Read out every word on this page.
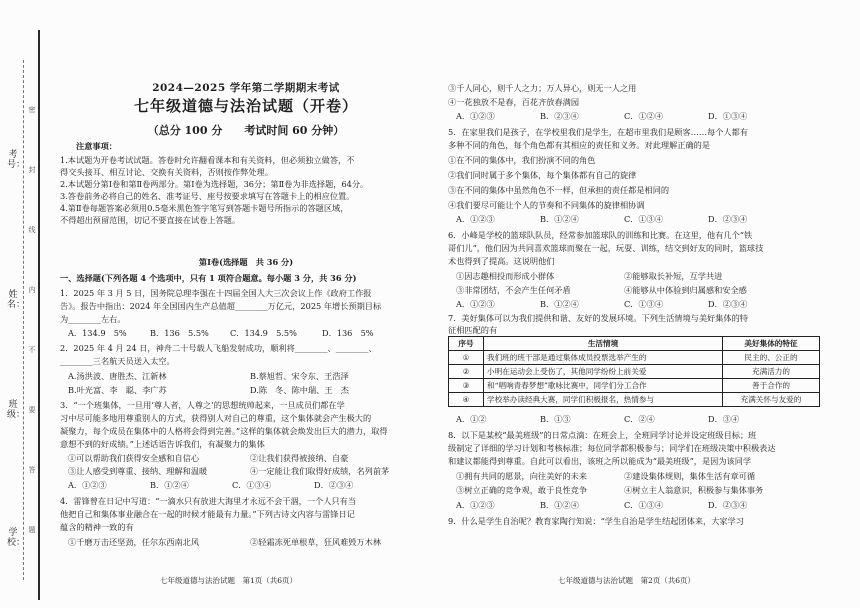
考号：
姓名：
班级：
学校：
密
封
线
内
不
要
答
题
2024—2025 学年第二学期期末考试
七年级道德与法治试题（开卷）
（总分 100 分　　考试时间 60 分钟）
注意事项：
1.本试题为开卷考试试题。答卷时允许翻看课本和有关资料，但必须独立做答，不
得交头接耳、相互讨论、交换有关资料，否则按作弊处理。
2.本试题分第Ⅰ卷和第Ⅱ卷两部分。第Ⅰ卷为选择题，36分；第Ⅱ卷为非选择题，64分。
3.答卷前务必将自己的姓名、准考证号、座号按要求填写在答题卡上的相应位置。
4.第Ⅱ卷每题答案必须用0.5毫米黑色签字笔写到答题卡题号所指示的答题区域，
不得超出预留范围，切记不要直接在试卷上答题。
第Ⅰ卷(选择题　共 36 分)
一、选择题(下列各题 4 个选项中，只有 1 项符合题意。每小题 3 分，共 36 分)
1．2025 年 3 月 5 日，国务院总理李强在十四届全国人大三次会议上作《政府工作报
告》。报告中指出：2024 年全国国内生产总值超________万亿元，2025 年增长预期目标
为________左右。
A．134.9　5%	B．136　5.5%	C．134.9　5.5%	D．136　5%
2．2025 年 4 月 24 日，神舟二十号载人飞船发射成功，顺利将________、________、
________三名航天员送入太空。
A.汤洪波、唐胜杰、江新林	B.蔡旭哲、宋令东、王浩泽
B.叶光富、李　聪、李广苏	D.陈　冬、陈中瑞、王　杰
3．“一个班集体，一旦用‘尊人者，人尊之’的思想统帅起来，一旦成员们都在学
习中尽可能多地用尊重别人的方式，获得别人对自己的尊重，这个集体就会产生极大的
凝聚力，每个成员在集体中的人格将会得到完善。”这样的集体就会焕发出巨大的潜力，取得
意想不到的好成绩。”上述话语告诉我们，有凝聚力的集体
①可以帮助我们获得安全感和自信心	②让我们获得被接纳、自豪
③让人感受到尊重、接纳、理解和温暖	④一定能让我们取得好成绩，名列前茅
A．①②③	B．①②④	C．①③④	D．②③④
4．雷锋曾在日记中写道：“一滴水只有放进大海里才永远不会干涸，一个人只有当
他把自己和集体事业融合在一起的时候才能最有力量。”下列古诗文内容与雷锋日记
蕴含的精神一致的有
①千磨万击还坚劲，任尔东西南北风	②轻霜冻死单根草，狂风难毁万木林
七年级道德与法治试题　第1页（共6页）
③千人同心，则千人之力；万人异心，则无一人之用
④一花独放不是春，百花齐放春满园
A．①②③	B．②③④	C．①②④	D．①③④
5．在家里我们是孩子，在学校里我们是学生，在超市里我们是顾客……每个人都有
多种不同的角色，每个角色都有其相应的责任和义务。对此理解正确的是
①在不同的集体中，我们扮演不同的角色
②我们同时属于多个集体，每个集体都有自己的旋律
③在不同的集体中虽然角色不一样，但承担的责任都是相同的
④我们要尽可能让个人的节奏和不同集体的旋律相协调
A．①②③	B．①②④	C．①③④	D．②③④
6．小峰是学校的篮球队队员，经常参加篮球队的训练和比赛。在这里，他有几个“铁
哥们儿”，他们因为共同喜欢篮球而聚在一起，玩耍、训练，结交到好友的同时，篮球技
术也得到了提高。这说明他们
①因志趣相投而形成小群体	②能够取长补短，互学共进
③非常团结，不会产生任何矛盾	④能够从中体验到归属感和安全感
A．①②③	B．①②④	C．①③④	D．②③④
7．美好集体可以为我们提供和谐、友好的发展环境。下列生活情境与美好集体的特
征相匹配的有
序号	生活情境	美好集体的特征
①	我们班的班干部是通过集体成员投票选举产生的	民主的、公正的
②	小明在运动会上受伤了，其他同学纷纷上前关爱	充满活力的
③	和“唱响青春梦想”歌咏比赛中，同学们分工合作	善于合作的
④	学校举办读经典大赛，同学们积极报名，热情参与	充满关怀与友爱的
A．①②	B．①③	C．②④	D．③④
8．以下是某校“最美班级”的日常点滴：在班会上，全班同学讨论并设定班级目标；班
级制定了详细的学习计划和考核标准；每位同学都积极参与；同学们在班级决策中积极表达
和建议都能得到尊重。自此可以看出，该班之所以能成为“最美班级”，是因为该同学
①拥有共同的愿景，向往美好的未来	②建设集体规则，集体生活有章可循
③树立正确的竞争观，敢于良性竞争	④树立主人翁意识，积极参与集体事务
A．①②③	B．①②④	C．①③④	D．②③④
9．什么是学生自治呢？教育家陶行知说：“学生自治是学生结起团体来，大家学习
七年级道德与法治试题　第2页（共6页）
